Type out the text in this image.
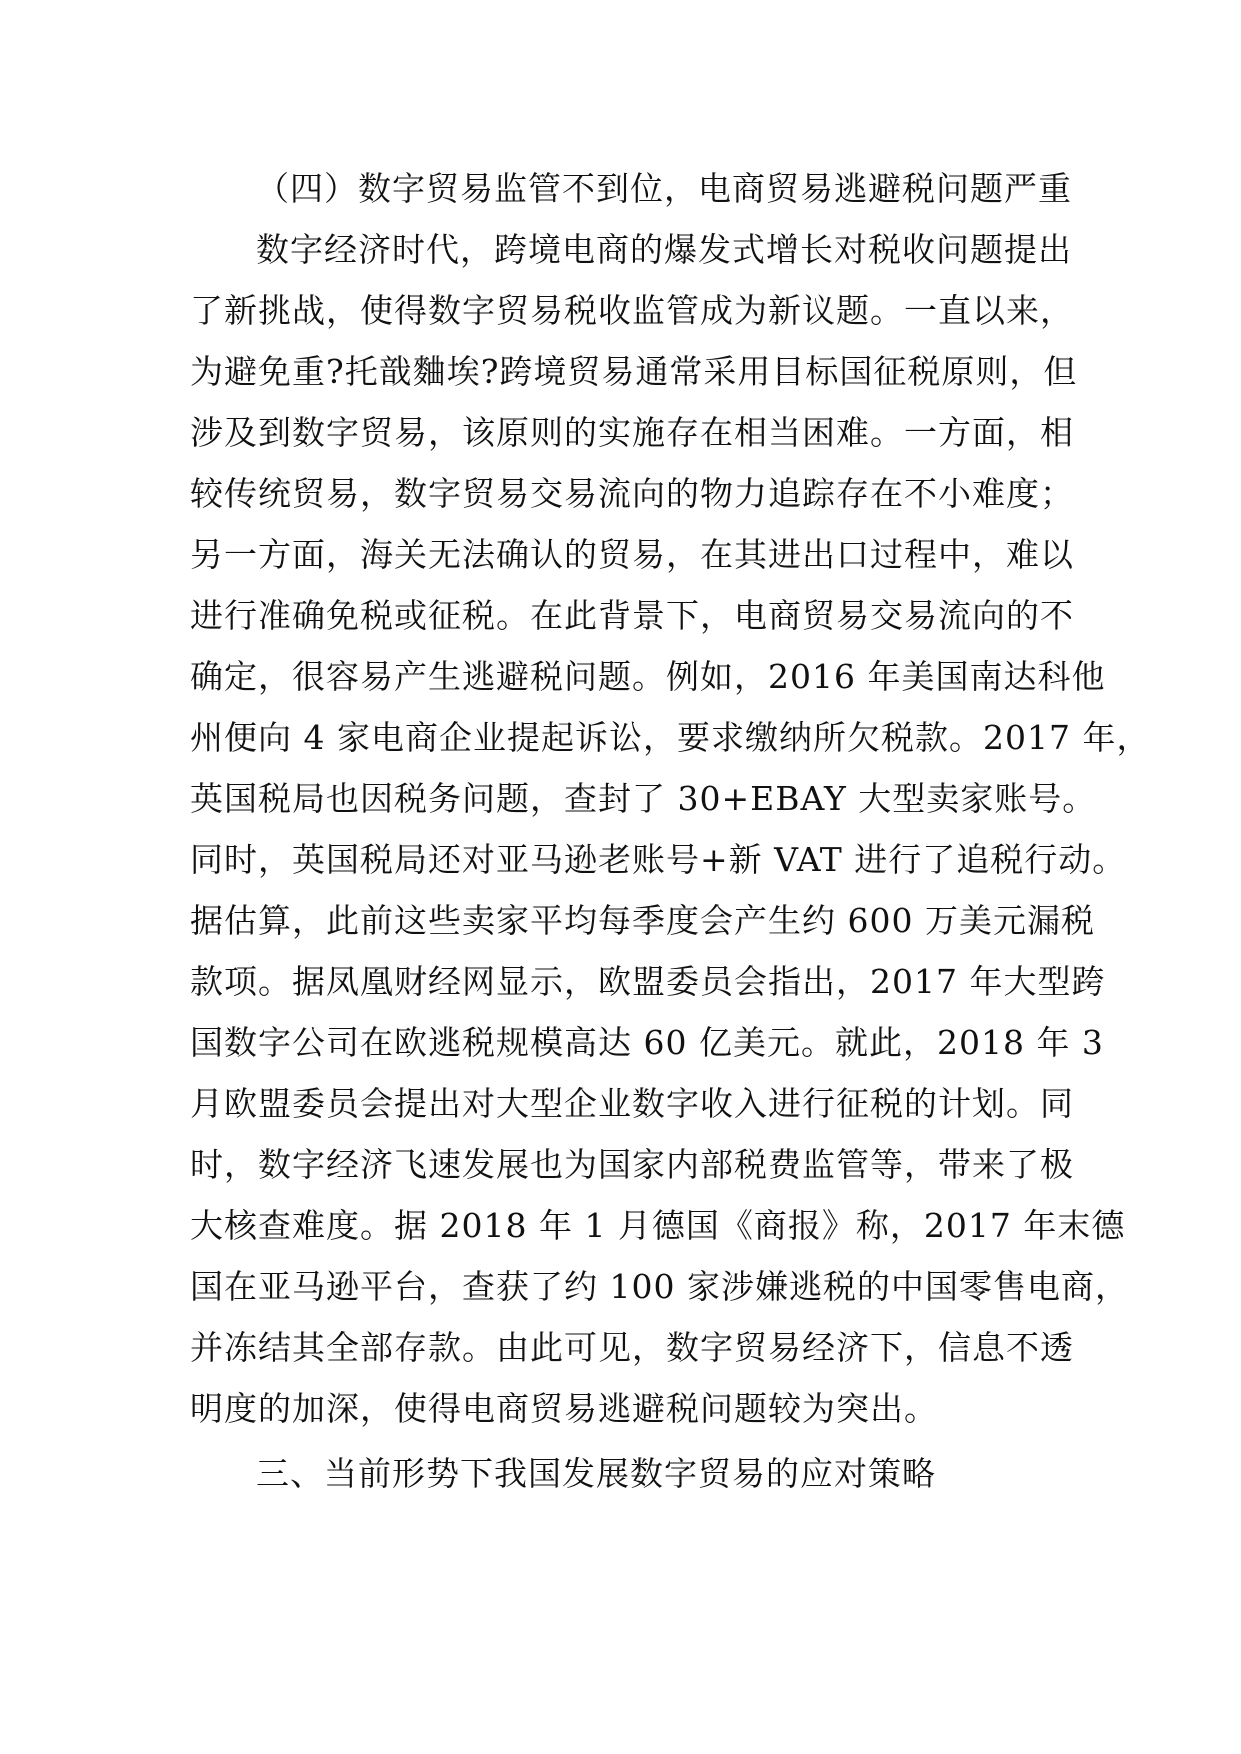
（四）数字贸易监管不到位，电商贸易逃避税问题严重
数字经济时代，跨境电商的爆发式增长对税收问题提出
了新挑战，使得数字贸易税收监管成为新议题。一直以来，
为避免重?托戠麯埃?跨境贸易通常采用目标国征税原则，但
涉及到数字贸易，该原则的实施存在相当困难。一方面，相
较传统贸易，数字贸易交易流向的物力追踪存在不小难度；
另一方面，海关无法确认的贸易，在其进出口过程中，难以
进行准确免税或征税。在此背景下，电商贸易交易流向的不
确定，很容易产生逃避税问题。例如，2016 年美国南达科他
州便向 4 家电商企业提起诉讼，要求缴纳所欠税款。2017 年，
英国税局也因税务问题，查封了 30+EBAY 大型卖家账号。
同时，英国税局还对亚马逊老账号+新 VAT 进行了追税行动。
据估算，此前这些卖家平均每季度会产生约 600 万美元漏税
款项。据凤凰财经网显示，欧盟委员会指出，2017 年大型跨
国数字公司在欧逃税规模高达 60 亿美元。就此，2018 年 3
月欧盟委员会提出对大型企业数字收入进行征税的计划。同
时，数字经济飞速发展也为国家内部税费监管等，带来了极
大核查难度。据 2018 年 1 月德国《商报》称，2017 年末德
国在亚马逊平台，查获了约 100 家涉嫌逃税的中国零售电商，
并冻结其全部存款。由此可见，数字贸易经济下，信息不透
明度的加深，使得电商贸易逃避税问题较为突出。
三、当前形势下我国发展数字贸易的应对策略
